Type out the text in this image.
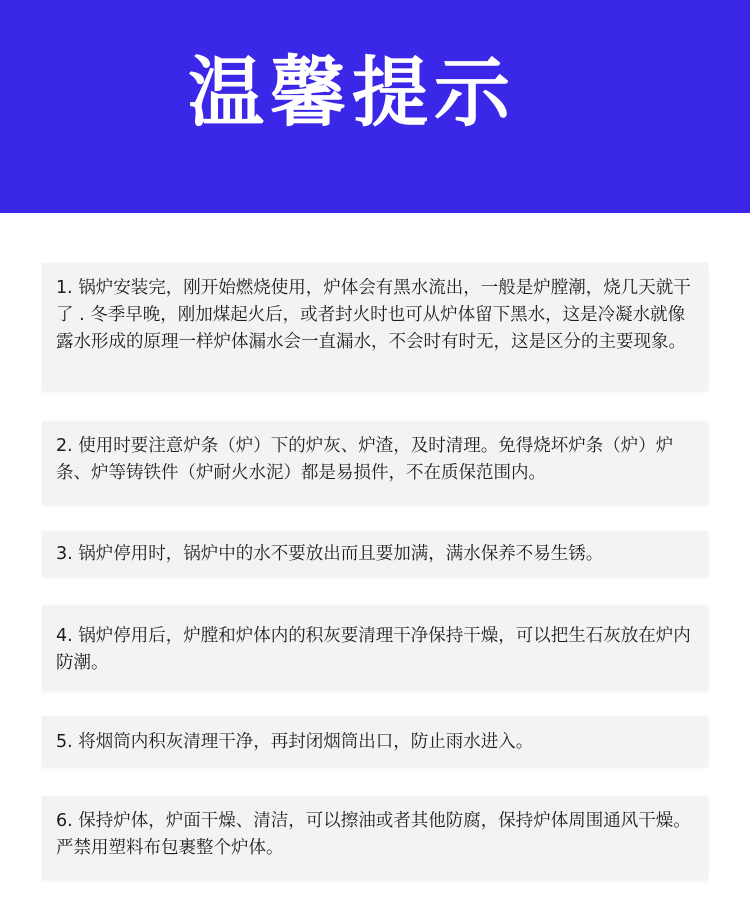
温馨提示
1. 锅炉安装完，刚开始燃烧使用，炉体会有黑水流出，一般是炉膛潮，烧几天就干了 . 冬季早晚，刚加煤起火后，或者封火时也可从炉体留下黑水，这是冷凝水就像露水形成的原理一样炉体漏水会一直漏水，不会时有时无，这是区分的主要现象。
2. 使用时要注意炉条（炉）下的炉灰、炉渣，及时清理。免得烧坏炉条（炉）炉条、炉等铸铁件（炉耐火水泥）都是易损件，不在质保范围内。
3. 锅炉停用时，锅炉中的水不要放出而且要加满，满水保养不易生锈。
4. 锅炉停用后，炉膛和炉体内的积灰要清理干净保持干燥，可以把生石灰放在炉内防潮。
5. 将烟筒内积灰清理干净，再封闭烟筒出口，防止雨水进入。
6. 保持炉体，炉面干燥、清洁，可以擦油或者其他防腐，保持炉体周围通风干燥。严禁用塑料布包裹整个炉体。
